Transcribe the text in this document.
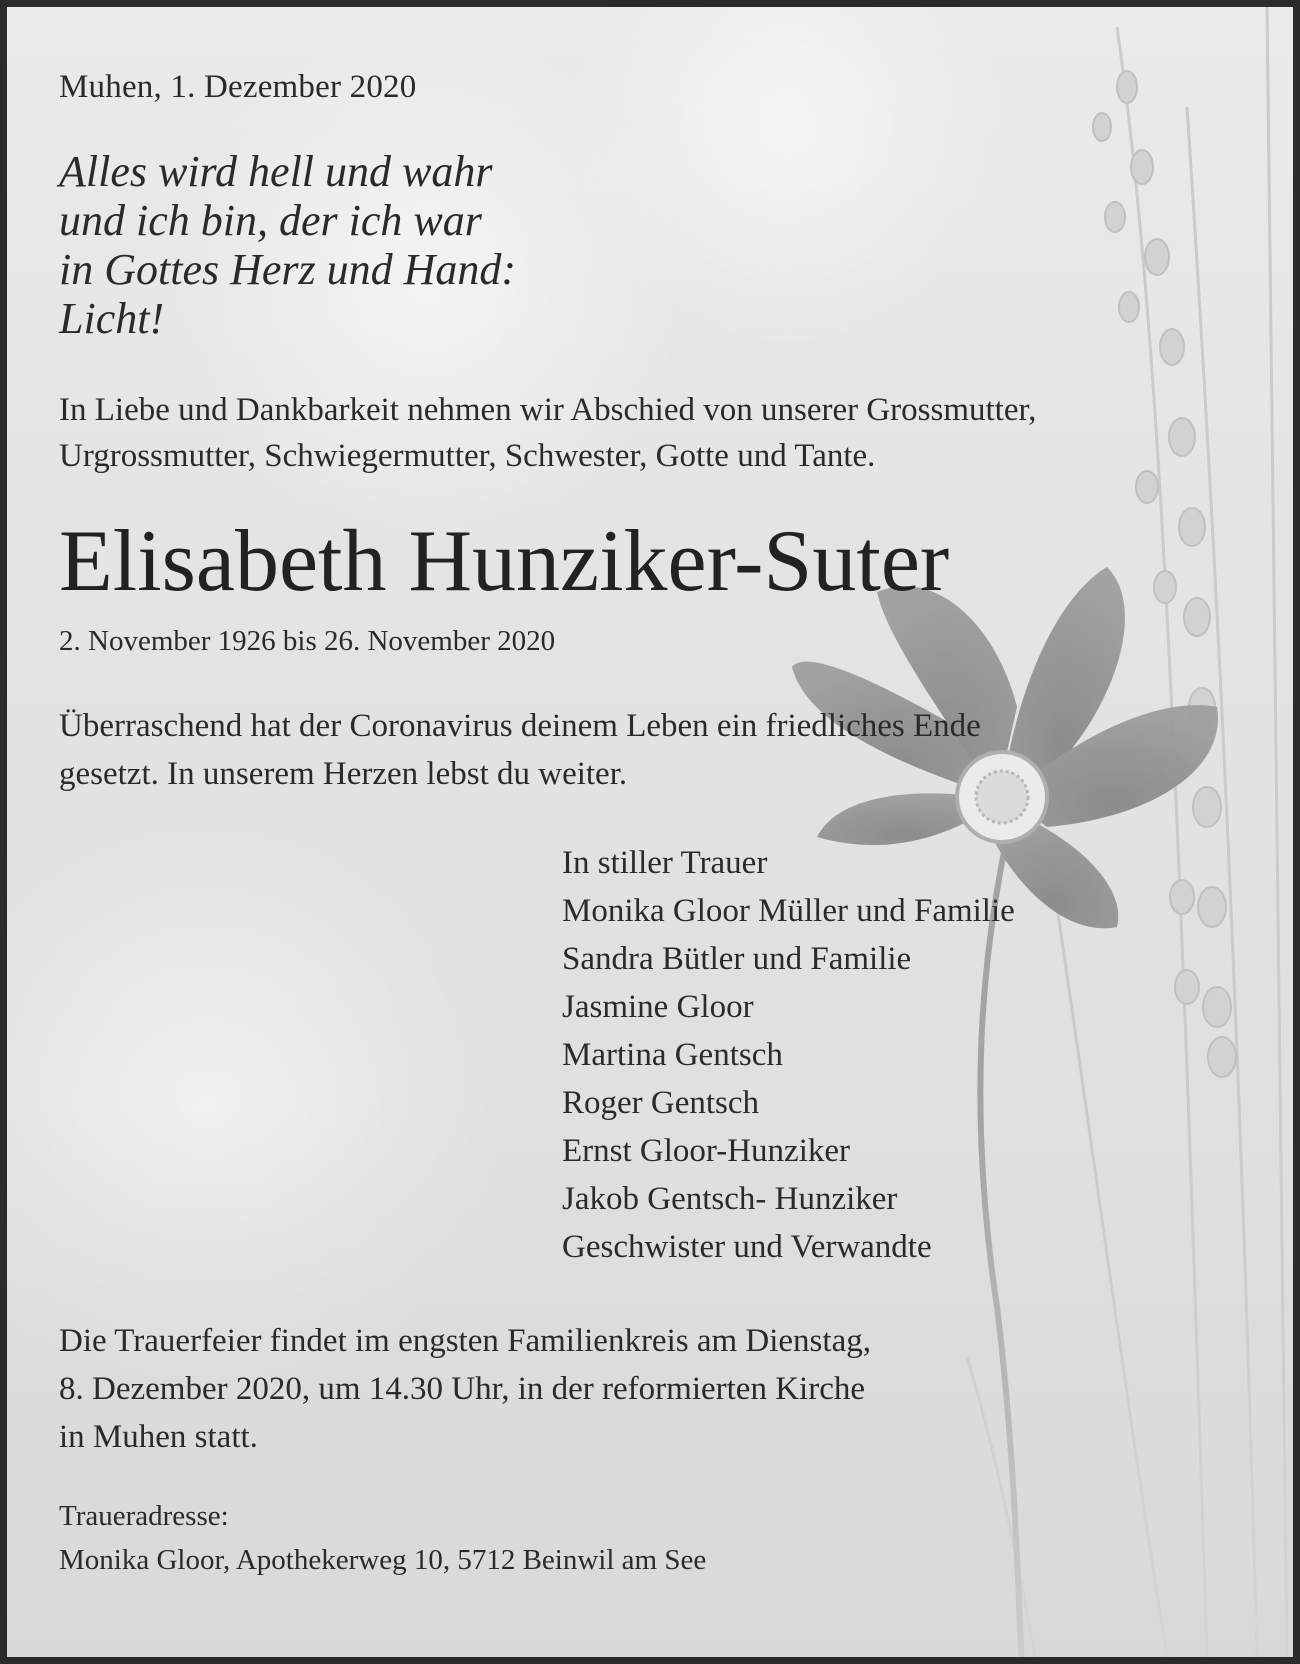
Muhen, 1. Dezember 2020
Alles wird hell und wahr
und ich bin, der ich war
in Gottes Herz und Hand:
Licht!
In Liebe und Dankbarkeit nehmen wir Abschied von unserer Grossmutter,
Urgrossmutter, Schwiegermutter, Schwester, Gotte und Tante.
Elisabeth Hunziker-Suter
2. November 1926 bis 26. November 2020
Überraschend hat der Coronavirus deinem Leben ein friedliches Ende
gesetzt. In unserem Herzen lebst du weiter.
In stiller Trauer
Monika Gloor Müller und Familie
Sandra Bütler und Familie
Jasmine Gloor
Martina Gentsch
Roger Gentsch
Ernst Gloor-Hunziker
Jakob Gentsch- Hunziker
Geschwister und Verwandte
Die Trauerfeier findet im engsten Familienkreis am Dienstag,
8. Dezember 2020, um 14.30 Uhr, in der reformierten Kirche
in Muhen statt.
Traueradresse:
Monika Gloor, Apothekerweg 10, 5712 Beinwil am See
